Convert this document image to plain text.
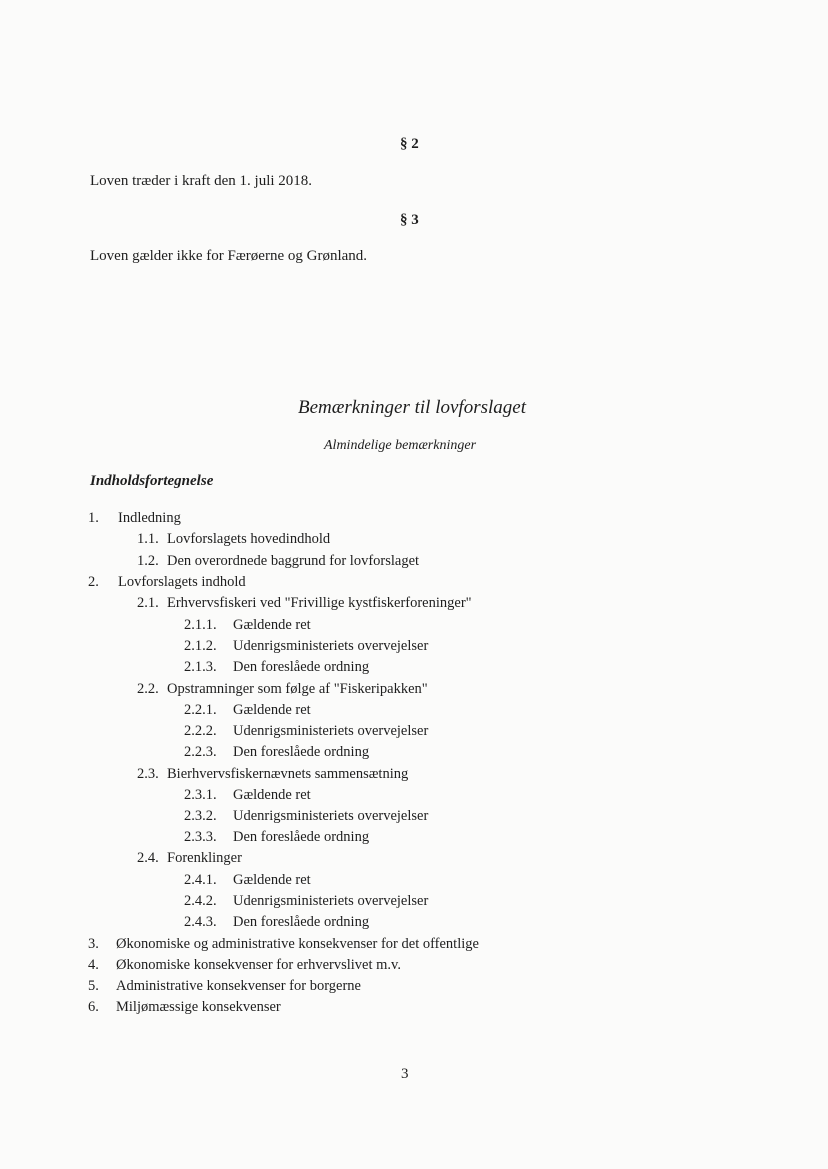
§ 2
Loven træder i kraft den 1. juli 2018.
§ 3
Loven gælder ikke for Færøerne og Grønland.
Bemærkninger til lovforslaget
Almindelige bemærkninger
Indholdsfortegnelse
1. Indledning
1.1. Lovforslagets hovedindhold
1.2. Den overordnede baggrund for lovforslaget
2. Lovforslagets indhold
2.1. Erhvervsfiskeri ved "Frivillige kystfiskerforeninger"
2.1.1. Gældende ret
2.1.2. Udenrigsministeriets overvejelser
2.1.3. Den foreslåede ordning
2.2. Opstramninger som følge af "Fiskeripakken"
2.2.1. Gældende ret
2.2.2. Udenrigsministeriets overvejelser
2.2.3. Den foreslåede ordning
2.3. Bierhvervsfiskernævnets sammensætning
2.3.1. Gældende ret
2.3.2. Udenrigsministeriets overvejelser
2.3.3. Den foreslåede ordning
2.4. Forenklinger
2.4.1. Gældende ret
2.4.2. Udenrigsministeriets overvejelser
2.4.3. Den foreslåede ordning
3. Økonomiske og administrative konsekvenser for det offentlige
4. Økonomiske konsekvenser for erhvervslivet m.v.
5. Administrative konsekvenser for borgerne
6. Miljømæssige konsekvenser
3
